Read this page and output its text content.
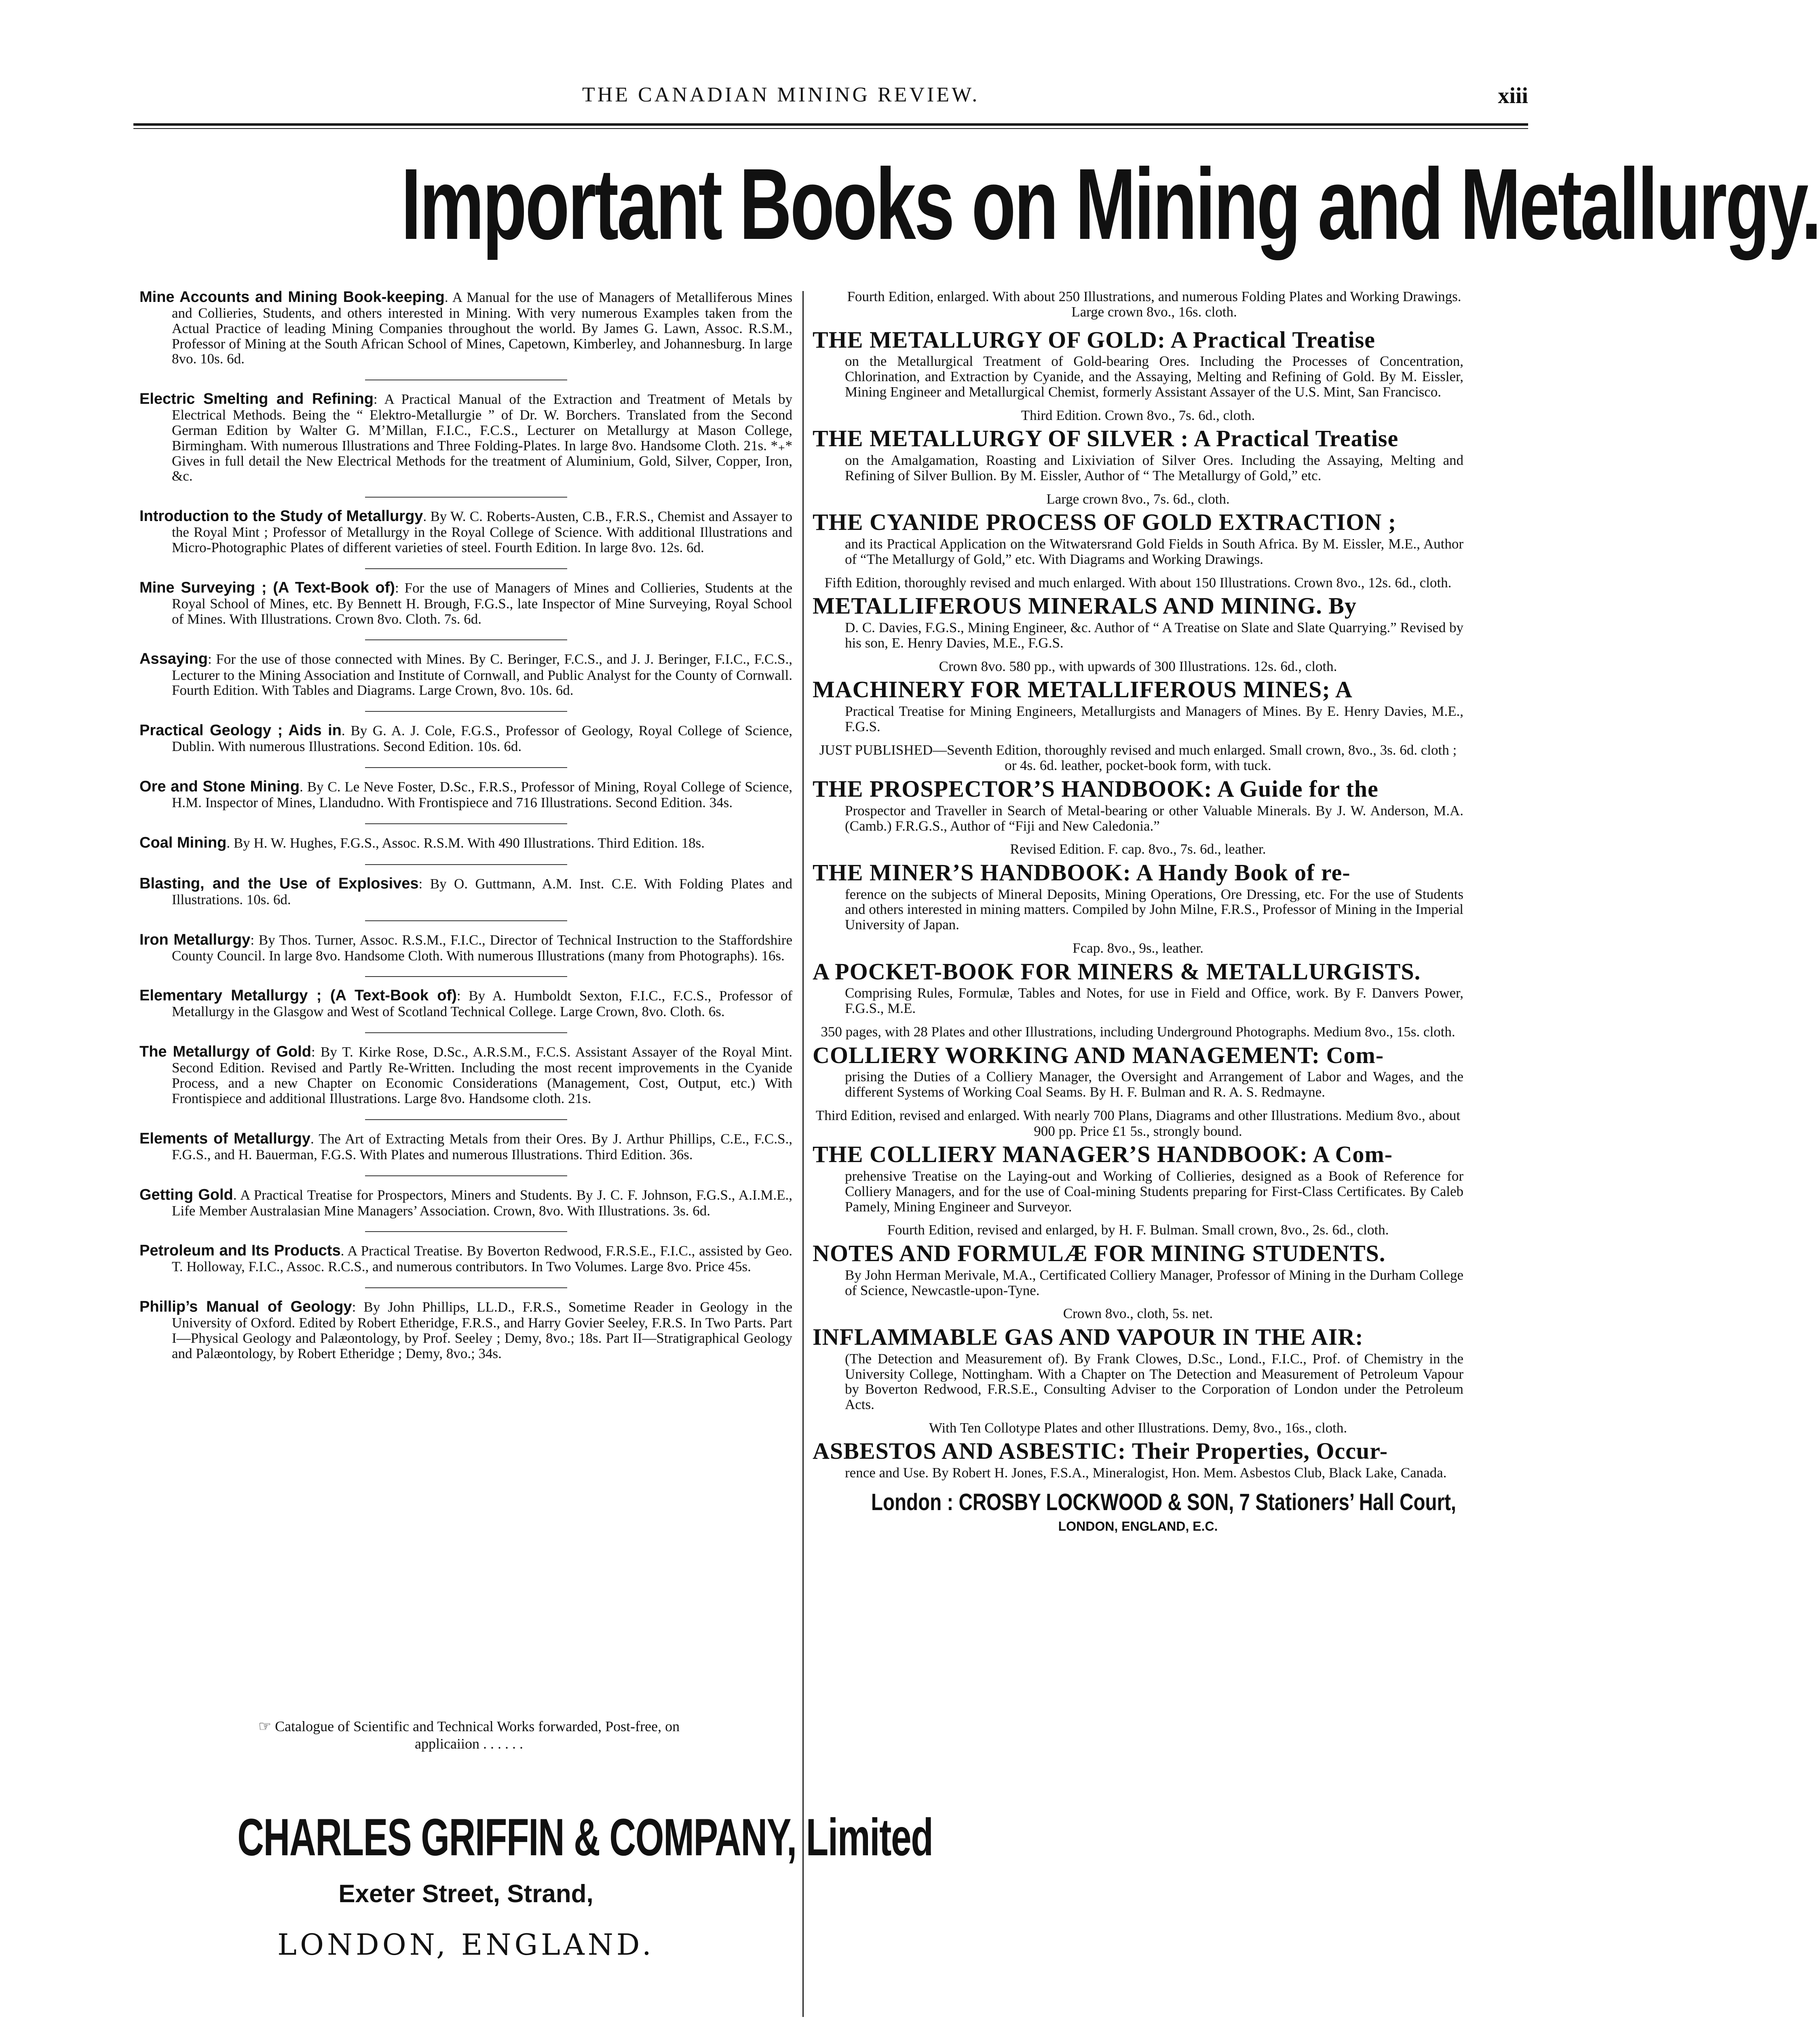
THE CANADIAN MINING REVIEW.	xiii
Important Books on Mining and Metallurgy.
Mine Accounts and Mining Book-keeping. A Manual for the use of Managers of Metalliferous Mines and Collieries, Students, and others interested in Mining. With very numerous Examples taken from the Actual Practice of leading Mining Companies throughout the world. By James G. Lawn, Assoc. R.S.M., Professor of Mining at the South African School of Mines, Capetown, Kimberley, and Johannesburg. In large 8vo. 10s. 6d.
Electric Smelting and Refining: A Practical Manual of the Extraction and Treatment of Metals by Electrical Methods. Being the “ Elektro-Metallurgie ” of Dr. W. Borchers. Translated from the Second German Edition by Walter G. M’Millan, F.I.C., F.C.S., Lecturer on Metallurgy at Mason College, Birmingham. With numerous Illustrations and Three Folding-Plates. In large 8vo. Handsome Cloth. 21s. *₊* Gives in full detail the New Electrical Methods for the treatment of Aluminium, Gold, Silver, Copper, Iron, &c.
Introduction to the Study of Metallurgy. By W. C. Roberts-Austen, C.B., F.R.S., Chemist and Assayer to the Royal Mint ; Professor of Metallurgy in the Royal College of Science. With additional Illustrations and Micro-Photographic Plates of different varieties of steel. Fourth Edition. In large 8vo. 12s. 6d.
Mine Surveying ; (A Text-Book of): For the use of Managers of Mines and Collieries, Students at the Royal School of Mines, etc. By Bennett H. Brough, F.G.S., late Inspector of Mine Surveying, Royal School of Mines. With Illustrations. Crown 8vo. Cloth. 7s. 6d.
Assaying: For the use of those connected with Mines. By C. Beringer, F.C.S., and J. J. Beringer, F.I.C., F.C.S., Lecturer to the Mining Association and Institute of Cornwall, and Public Analyst for the County of Cornwall. Fourth Edition. With Tables and Diagrams. Large Crown, 8vo. 10s. 6d.
Practical Geology ; Aids in. By G. A. J. Cole, F.G.S., Professor of Geology, Royal College of Science, Dublin. With numerous Illustrations. Second Edition. 10s. 6d.
Ore and Stone Mining. By C. Le Neve Foster, D.Sc., F.R.S., Professor of Mining, Royal College of Science, H.M. Inspector of Mines, Llandudno. With Frontispiece and 716 Illustrations. Second Edition. 34s.
Coal Mining. By H. W. Hughes, F.G.S., Assoc. R.S.M. With 490 Illustrations. Third Edition. 18s.
Blasting, and the Use of Explosives: By O. Guttmann, A.M. Inst. C.E. With Folding Plates and Illustrations. 10s. 6d.
Iron Metallurgy: By Thos. Turner, Assoc. R.S.M., F.I.C., Director of Technical Instruction to the Staffordshire County Council. In large 8vo. Handsome Cloth. With numerous Illustrations (many from Photographs). 16s.
Elementary Metallurgy ; (A Text-Book of): By A. Humboldt Sexton, F.I.C., F.C.S., Professor of Metallurgy in the Glasgow and West of Scotland Technical College. Large Crown, 8vo. Cloth. 6s.
The Metallurgy of Gold: By T. Kirke Rose, D.Sc., A.R.S.M., F.C.S. Assistant Assayer of the Royal Mint. Second Edition. Revised and Partly Re-Written. Including the most recent improvements in the Cyanide Process, and a new Chapter on Economic Considerations (Management, Cost, Output, etc.) With Frontispiece and additional Illustrations. Large 8vo. Handsome cloth. 21s.
Elements of Metallurgy. The Art of Extracting Metals from their Ores. By J. Arthur Phillips, C.E., F.C.S., F.G.S., and H. Bauerman, F.G.S. With Plates and numerous Illustrations. Third Edition. 36s.
Getting Gold. A Practical Treatise for Prospectors, Miners and Students. By J. C. F. Johnson, F.G.S., A.I.M.E., Life Member Australasian Mine Managers’ Association. Crown, 8vo. With Illustrations. 3s. 6d.
Petroleum and Its Products. A Practical Treatise. By Boverton Redwood, F.R.S.E., F.I.C., assisted by Geo. T. Holloway, F.I.C., Assoc. R.C.S., and numerous contributors. In Two Volumes. Large 8vo. Price 45s.
Phillip’s Manual of Geology: By John Phillips, LL.D., F.R.S., Sometime Reader in Geology in the University of Oxford. Edited by Robert Etheridge, F.R.S., and Harry Govier Seeley, F.R.S. In Two Parts. Part I—Physical Geology and Palæontology, by Prof. Seeley ; Demy, 8vo.; 18s. Part II—Stratigraphical Geology and Palæontology, by Robert Etheridge ; Demy, 8vo.; 34s.
☞ Catalogue of Scientific and Technical Works forwarded, Post-free, on applicaiion . . . . . .
CHARLES GRIFFIN & COMPANY, Limited
Exeter Street, Strand,
LONDON, ENGLAND.
Fourth Edition, enlarged. With about 250 Illustrations, and numerous Folding Plates and Working Drawings. Large crown 8vo., 16s. cloth.
THE METALLURGY OF GOLD: A Practical Treatise
on the Metallurgical Treatment of Gold-bearing Ores. Including the Processes of Concentration, Chlorination, and Extraction by Cyanide, and the Assaying, Melting and Refining of Gold. By M. Eissler, Mining Engineer and Metallurgical Chemist, formerly Assistant Assayer of the U.S. Mint, San Francisco.
Third Edition. Crown 8vo., 7s. 6d., cloth.
THE METALLURGY OF SILVER : A Practical Treatise
on the Amalgamation, Roasting and Lixiviation of Silver Ores. Including the Assaying, Melting and Refining of Silver Bullion. By M. Eissler, Author of “ The Metallurgy of Gold,” etc.
Large crown 8vo., 7s. 6d., cloth.
THE CYANIDE PROCESS OF GOLD EXTRACTION ;
and its Practical Application on the Witwatersrand Gold Fields in South Africa. By M. Eissler, M.E., Author of “The Metallurgy of Gold,” etc. With Diagrams and Working Drawings.
Fifth Edition, thoroughly revised and much enlarged. With about 150 Illustrations. Crown 8vo., 12s. 6d., cloth.
METALLIFEROUS MINERALS AND MINING. By
D. C. Davies, F.G.S., Mining Engineer, &c. Author of “ A Treatise on Slate and Slate Quarrying.” Revised by his son, E. Henry Davies, M.E., F.G.S.
Crown 8vo. 580 pp., with upwards of 300 Illustrations. 12s. 6d., cloth.
MACHINERY FOR METALLIFEROUS MINES; A
Practical Treatise for Mining Engineers, Metallurgists and Managers of Mines. By E. Henry Davies, M.E., F.G.S.
JUST PUBLISHED—Seventh Edition, thoroughly revised and much enlarged. Small crown, 8vo., 3s. 6d. cloth ; or 4s. 6d. leather, pocket-book form, with tuck.
THE PROSPECTOR’S HANDBOOK: A Guide for the
Prospector and Traveller in Search of Metal-bearing or other Valuable Minerals. By J. W. Anderson, M.A. (Camb.) F.R.G.S., Author of “Fiji and New Caledonia.”
Revised Edition. F. cap. 8vo., 7s. 6d., leather.
THE MINER’S HANDBOOK: A Handy Book of re-
ference on the subjects of Mineral Deposits, Mining Operations, Ore Dressing, etc. For the use of Students and others interested in mining matters. Compiled by John Milne, F.R.S., Professor of Mining in the Imperial University of Japan.
Fcap. 8vo., 9s., leather.
A POCKET-BOOK FOR MINERS & METALLURGISTS.
Comprising Rules, Formulæ, Tables and Notes, for use in Field and Office, work. By F. Danvers Power, F.G.S., M.E.
350 pages, with 28 Plates and other Illustrations, including Underground Photographs. Medium 8vo., 15s. cloth.
COLLIERY WORKING AND MANAGEMENT: Com-
prising the Duties of a Colliery Manager, the Oversight and Arrangement of Labor and Wages, and the different Systems of Working Coal Seams. By H. F. Bulman and R. A. S. Redmayne.
Third Edition, revised and enlarged. With nearly 700 Plans, Diagrams and other Illustrations. Medium 8vo., about 900 pp. Price £1 5s., strongly bound.
THE COLLIERY MANAGER’S HANDBOOK: A Com-
prehensive Treatise on the Laying-out and Working of Collieries, designed as a Book of Reference for Colliery Managers, and for the use of Coal-mining Students preparing for First-Class Certificates. By Caleb Pamely, Mining Engineer and Surveyor.
Fourth Edition, revised and enlarged, by H. F. Bulman. Small crown, 8vo., 2s. 6d., cloth.
NOTES AND FORMULÆ FOR MINING STUDENTS.
By John Herman Merivale, M.A., Certificated Colliery Manager, Professor of Mining in the Durham College of Science, Newcastle-upon-Tyne.
Crown 8vo., cloth, 5s. net.
INFLAMMABLE GAS AND VAPOUR IN THE AIR:
(The Detection and Measurement of). By Frank Clowes, D.Sc., Lond., F.I.C., Prof. of Chemistry in the University College, Nottingham. With a Chapter on The Detection and Measurement of Petroleum Vapour by Boverton Redwood, F.R.S.E., Consulting Adviser to the Corporation of London under the Petroleum Acts.
With Ten Collotype Plates and other Illustrations. Demy, 8vo., 16s., cloth.
ASBESTOS AND ASBESTIC: Their Properties, Occur-
rence and Use. By Robert H. Jones, F.S.A., Mineralogist, Hon. Mem. Asbestos Club, Black Lake, Canada.
London : CROSBY LOCKWOOD & SON, 7 Stationers’ Hall Court,
LONDON, ENGLAND, E.C.
